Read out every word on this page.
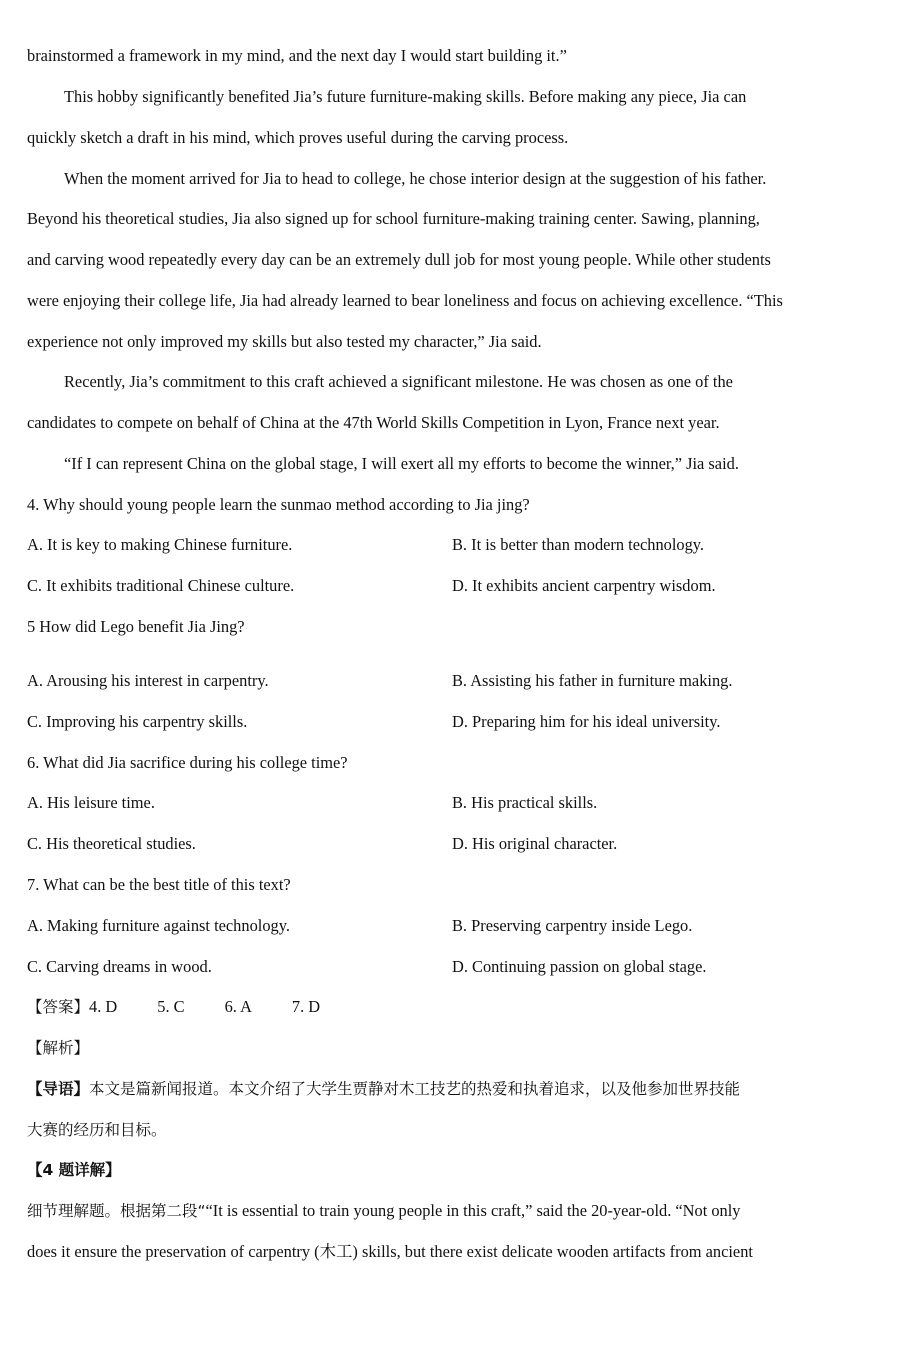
brainstormed a framework in my mind, and the next day I would start building it.”
This hobby significantly benefited Jia’s future furniture-making skills. Before making any piece, Jia can
quickly sketch a draft in his mind, which proves useful during the carving process.
When the moment arrived for Jia to head to college, he chose interior design at the suggestion of his father.
Beyond his theoretical studies, Jia also signed up for school furniture-making training center. Sawing, planning,
and carving wood repeatedly every day can be an extremely dull job for most young people. While other students
were enjoying their college life, Jia had already learned to bear loneliness and focus on achieving excellence. “This
experience not only improved my skills but also tested my character,” Jia said.
Recently, Jia’s commitment to this craft achieved a significant milestone. He was chosen as one of the
candidates to compete on behalf of China at the 47th World Skills Competition in Lyon, France next year.
“If I can represent China on the global stage, I will exert all my efforts to become the winner,” Jia said.
4. Why should young people learn the sunmao method according to Jia jing?
A. It is key to making Chinese furniture.	B. It is better than modern technology.
C. It exhibits traditional Chinese culture.	D. It exhibits ancient carpentry wisdom.
5 How did Lego benefit Jia Jing?
A. Arousing his interest in carpentry.	B. Assisting his father in furniture making.
C. Improving his carpentry skills.	D. Preparing him for his ideal university.
6. What did Jia sacrifice during his college time?
A. His leisure time.	B. His practical skills.
C. His theoretical studies.	D. His original character.
7. What can be the best title of this text?
A. Making furniture against technology.	B. Preserving carpentry inside Lego.
C. Carving dreams in wood.	D. Continuing passion on global stage.
【答案】4. D 5. C 6. A 7. D
【解析】
【导语】本文是篇新闻报道。本文介绍了大学生贾静对木工技艺的热爱和执着追求，以及他参加世界技能
大赛的经历和目标。
【4 题详解】
细节理解题。根据第二段““It is essential to train young people in this craft,” said the 20-year-old. “Not only
does it ensure the preservation of carpentry (木工) skills, but there exist delicate wooden artifacts from ancient
